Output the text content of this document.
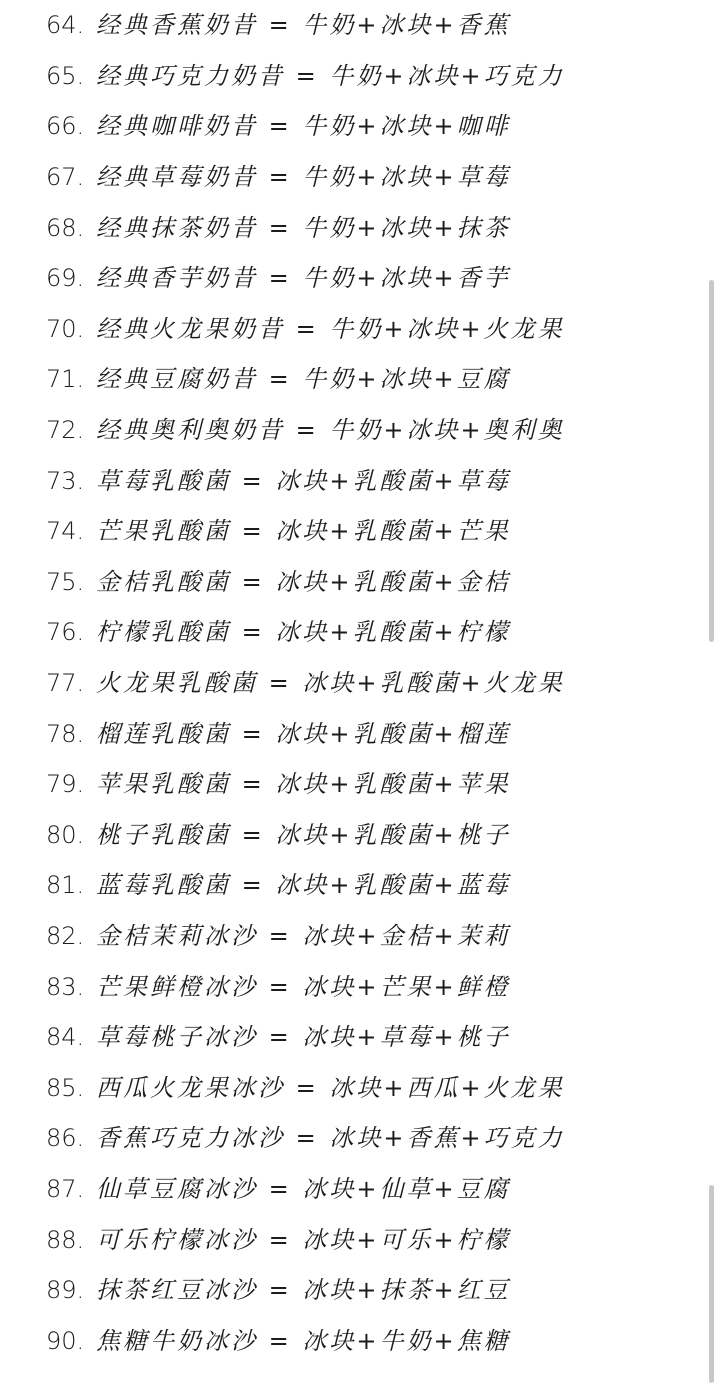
64. 经典香蕉奶昔 = 牛奶+冰块+香蕉
65. 经典巧克力奶昔 = 牛奶+冰块+巧克力
66. 经典咖啡奶昔 = 牛奶+冰块+咖啡
67. 经典草莓奶昔 = 牛奶+冰块+草莓
68. 经典抹茶奶昔 = 牛奶+冰块+抹茶
69. 经典香芋奶昔 = 牛奶+冰块+香芋
70. 经典火龙果奶昔 = 牛奶+冰块+火龙果
71. 经典豆腐奶昔 = 牛奶+冰块+豆腐
72. 经典奥利奥奶昔 = 牛奶+冰块+奥利奥
73. 草莓乳酸菌 = 冰块+乳酸菌+草莓
74. 芒果乳酸菌 = 冰块+乳酸菌+芒果
75. 金桔乳酸菌 = 冰块+乳酸菌+金桔
76. 柠檬乳酸菌 = 冰块+乳酸菌+柠檬
77. 火龙果乳酸菌 = 冰块+乳酸菌+火龙果
78. 榴莲乳酸菌 = 冰块+乳酸菌+榴莲
79. 苹果乳酸菌 = 冰块+乳酸菌+苹果
80. 桃子乳酸菌 = 冰块+乳酸菌+桃子
81. 蓝莓乳酸菌 = 冰块+乳酸菌+蓝莓
82. 金桔茉莉冰沙 = 冰块+金桔+茉莉
83. 芒果鲜橙冰沙 = 冰块+芒果+鲜橙
84. 草莓桃子冰沙 = 冰块+草莓+桃子
85. 西瓜火龙果冰沙 = 冰块+西瓜+火龙果
86. 香蕉巧克力冰沙 = 冰块+香蕉+巧克力
87. 仙草豆腐冰沙 = 冰块+仙草+豆腐
88. 可乐柠檬冰沙 = 冰块+可乐+柠檬
89. 抹茶红豆冰沙 = 冰块+抹茶+红豆
90. 焦糖牛奶冰沙 = 冰块+牛奶+焦糖
